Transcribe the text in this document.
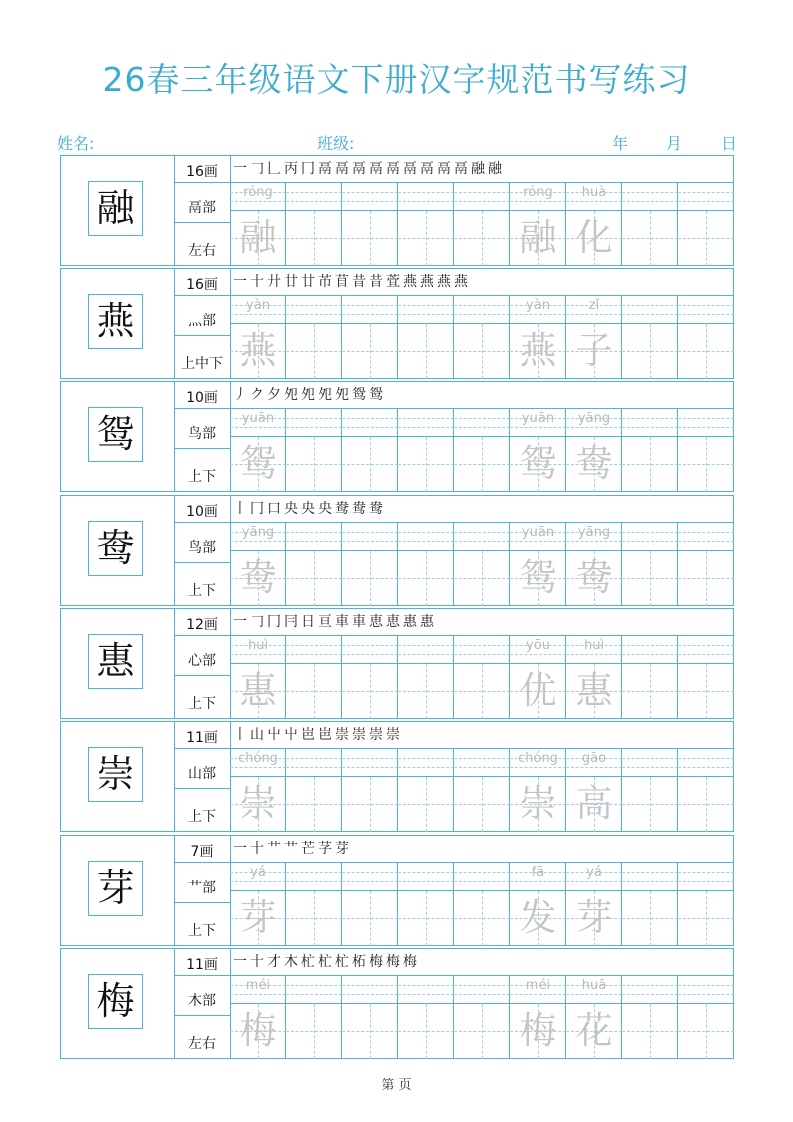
26春三年级语文下册汉字规范书写练习
姓名:	班级:	年 月 日
融
16画
鬲部
左右
一 𠃌 𠃊 丙 冂 鬲 鬲 鬲 鬲 鬲 鬲 鬲 鬲 鬲 融 融
róng
融
róng
融
huà
化
燕
16画
灬部
上中下
一 十 廾 廿 廿 芇 苜 昔 昔 萓 燕 燕 燕 燕
yàn
燕
yàn
燕
zǐ
子
鸳
10画
鸟部
上下
丿 ク 夕 夗 夗 夗 夗 鸳 鸳
yuān
鸳
yuān
鸳
yāng
鸯
鸯
10画
鸟部
上下
丨 冂 口 央 央 央 鸯 鸯 鸯
yāng
鸯
yuān
鸳
yāng
鸯
惠
12画
心部
上下
一 𠃌 冂 冃 日 亘 車 車 恵 恵 惠 惠
huì
惠
yōu
优
huì
惠
崇
11画
山部
上下
丨 山 屮 屮 岜 岜 崇 崇 崇 崇
chóng
崇
chóng
崇
gāo
高
芽
7画
艹部
上下
一 十 艹 艹 芒 芓 芽
yá
芽
fā
发
yá
芽
梅
11画
木部
左右
一 十 才 木 杧 杧 杧 柘 梅 梅 梅
méi
梅
méi
梅
huā
花
第 页
